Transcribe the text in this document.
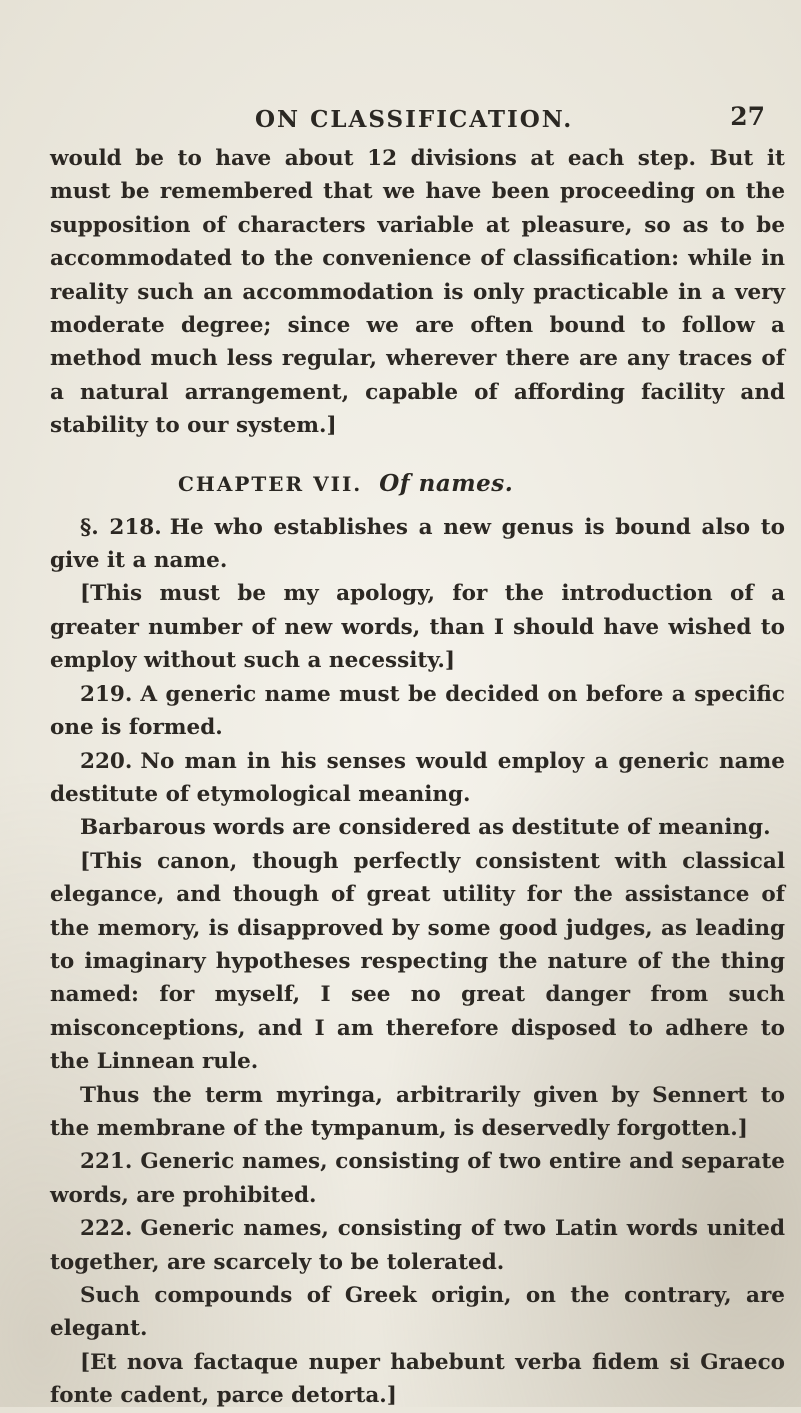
ON CLASSIFICATION.	27

would be to have about 12 divisions at each step. But it must be remembered that we have been proceeding on the supposition of characters variable at pleasure, so as to be accommodated to the convenience of classification: while in reality such an accommodation is only practicable in a very moderate degree; since we are often bound to follow a method much less regular, wherever there are any traces of a natural arrangement, capable of affording facility and stability to our system.]

CHAPTER VII. Of names.

§. 218. He who establishes a new genus is bound also to give it a name.

[This must be my apology, for the introduction of a greater number of new words, than I should have wished to employ without such a necessity.]

219. A generic name must be decided on before a specific one is formed.

220. No man in his senses would employ a generic name destitute of etymological meaning.

Barbarous words are considered as destitute of meaning.

[This canon, though perfectly consistent with classical elegance, and though of great utility for the assistance of the memory, is disapproved by some good judges, as leading to imaginary hypotheses respecting the nature of the thing named: for myself, I see no great danger from such misconceptions, and I am therefore disposed to adhere to the Linnean rule.

Thus the term myringa, arbitrarily given by Sennert to the membrane of the tympanum, is deservedly forgotten.]

221. Generic names, consisting of two entire and separate words, are prohibited.

222. Generic names, consisting of two Latin words united together, are scarcely to be tolerated.

Such compounds of Greek origin, on the contrary, are elegant.

[Et nova factaque nuper habebunt verba fidem si Graeco fonte cadent, parce detorta.]
